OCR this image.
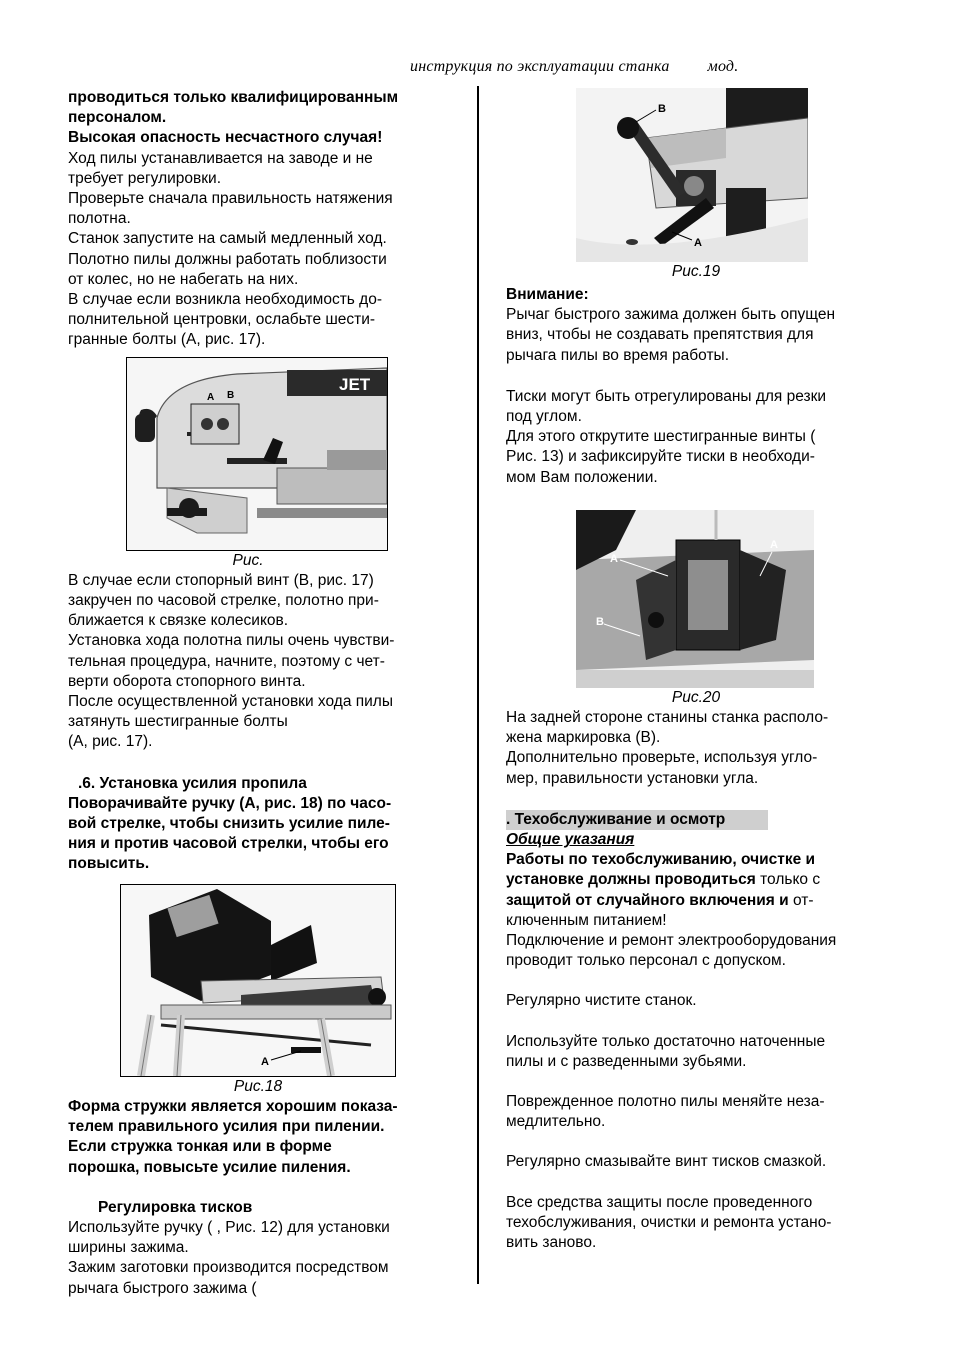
инструкция по эксплуатации станка мод.
проводиться только квалифицированным
персоналом.
Высокая опасность несчастного случая!
Ход пилы устанавливается на заводе и не
требует регулировки.
Проверьте сначала правильность натяжения
полотна.
Станок запустите на самый медленный ход.
Полотно пилы должны работать поблизости
от колес, но не набегать на них.
В случае если возникла необходимость до-
полнительной центровки, ослабьте шести-
гранные болты (А, рис. 17).
JET
A B
Рис.
В случае если стопорный винт (В, рис. 17)
закручен по часовой стрелке, полотно при-
ближается к связке колесиков.
Установка хода полотна пилы очень чувстви-
тельная процедура, начните, поэтому с чет-
верти оборота стопорного винта.
После осуществленной установки хода пилы
затянуть шестигранные болты
(А, рис. 17).
.6. Установка усилия пропила
Поворачивайте ручку (А, рис. 18) по часо-
вой стрелке, чтобы снизить усилие пиле-
ния и против часовой стрелки, чтобы его
повысить.
A
Рис.18
Форма стружки является хорошим показа-
телем правильного усилия при пилении.
Если стружка тонкая или в форме
порошка, повысьте усилие пиления.
Регулировка тисков
Используйте ручку ( , Рис. 12) для установки
ширины зажима.
Зажим заготовки производится посредством
рычага быстрого зажима (
B
A
Рис.19
Внимание:
Рычаг быстрого зажима должен быть опущен
вниз, чтобы не создавать препятствия для
рычага пилы во время работы.
Тиски могут быть отрегулированы для резки
под углом.
Для этого открутите шестигранные винты (
Рис. 13) и зафиксируйте тиски в необходи-
мом Вам положении.
A
A
B
Рис.20
На задней стороне станины станка располо-
жена маркировка (В).
Дополнительно проверьте, используя угло-
мер, правильности установки угла.
. Техобслуживание и осмотр
Общие указания
Работы по техобслуживанию, очистке и
установке должны проводиться только с
защитой от случайного включения и от-
ключенным питанием!
Подключение и ремонт электрооборудования
проводит только персонал с допуском.
Регулярно чистите станок.
Используйте только достаточно наточенные
пилы и с разведенными зубьями.
Поврежденное полотно пилы меняйте неза-
медлительно.
Регулярно смазывайте винт тисков смазкой.
Все средства защиты после проведенного
техобслуживания, очистки и ремонта устано-
вить заново.
